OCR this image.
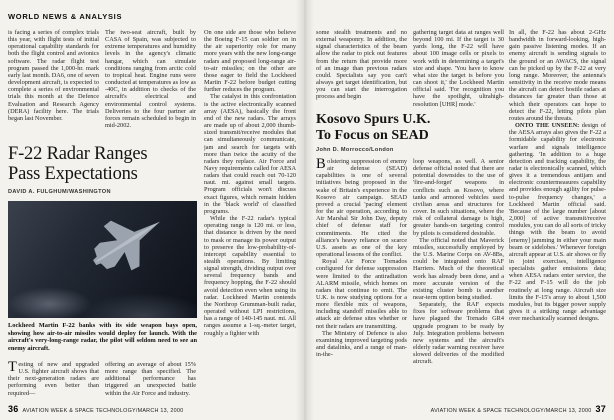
WORLD NEWS & ANALYSIS

is facing a series of complex trials this year, with flight tests of initial operational capability standards for both the flight control and avionics software. The radar flight test program passed the 1,000-hr. mark early last month. DA6, one of seven development aircraft, is expected to complete a series of environmental trials this month at the Defence Evaluation and Research Agency (DERA) facility here. The trials began last November.

The two-seat aircraft, built by CASA of Spain, was subjected to extreme temperatures and humidity levels in the agency's climatic hangar, which can simulate conditions ranging from arctic cold to tropical heat. Engine runs were conducted at temperatures as low as -40C, in addition to checks of the aircraft's electrical and environmental control systems. Deliveries to the four partner air forces remain scheduled to begin in mid-2002.

F-22 Radar Ranges
Pass Expectations
DAVID A. FULGHUM/WASHINGTON
Lockheed Martin F-22 banks with its side weapon bays open, showing how air-to-air missiles would deploy for launch. With the aircraft's very-long-range radar, the pilot will seldom need to see an enemy aircraft.

Testing of new and upgraded U.S. fighter aircraft shows that their next-generation radars are performing even better than required—

offering an average of about 15% more range than specified. The additional performance has triggered an unexpected battle within the Air Force and industry.

On one side are those who believe the Boeing F-15 can soldier on in the air superiority role for many more years with the new long-range radars and proposed long-range air-to-air missiles; on the other are those eager to field the Lockheed Martin F-22 before budget cutting further reduces the program.

The catalyst in this confrontation is the active electronically scanned array (AESA), basically the front end of the new radars. The arrays are made up of about 2,000 thumb-sized transmit/receive modules that can simultaneously communicate, jam and search for targets with more than twice the acuity of the radars they replace. Air Force and Navy requirements called for AESA radars that could reach out 70-120 naut. mi. against small targets. Program officials won't discuss exact figures, which remain hidden in the 'black world' of classified programs.

While the F-22 radar's typical operating range is 120 mi. or less, that distance is driven by the need to mask or manage its power output to preserve the low-probability-of-intercept capability essential to stealth operations. By limiting signal strength, dividing output over several frequency bands and frequency hopping, the F-22 should avoid detection even when using its radar. Lockheed Martin contends the Northrop Grumman-built radar, operated without LPI restrictions, has a range of 140-145 naut. mi. All ranges assume a 1-sq.-meter target, roughly a fighter with

some stealth treatments and no external weaponry. In addition, the signal characteristics of the beam allow the radar to pick out features from the return that provide more of an image than previous radars could. Specialists say you can't always get target identification, but you can start the interrogation process and begin

gathering target data at ranges well beyond 100 mi. If the target is 30 yards long, the F-22 will have about 100 image cells or pixels to work with in determining a target's size and shape. 'You have to know what size the target is before you can shoot it,' the Lockheed Martin official said. 'For recognition you have the spotlight, ultrahigh-resolution [UHR] mode.'

Kosovo Spurs U.K.
To Focus on SEAD
John D. Morrocco/London

Bolstering suppression of enemy air defense (SEAD) capabilities is one of several initiatives being proposed in the wake of Britain's experience in the Kosovo air campaign. SEAD proved a crucial 'pacing' element for the air operation, according to Air Marshal Sir John Day, deputy chief of defense staff for commitments. He cited the alliance's heavy reliance on scarce U.S. assets as one of the key operational lessons of the conflict.

Royal Air Force Tornados configured for defense suppression were limited to the antiradiation ALARM missile, which homes on radars that continue to emit. The U.K. is now studying options for a more flexible mix of weapons, including standoff missiles able to attack air defense sites whether or not their radars are transmitting.

The Ministry of Defence is also examining improved targeting pods and datalinks, and a range of man-in-the-

loop weapons, as well. A senior defense official noted that there are potential downsides to the use of 'fire-and-forget' weapons in conflicts such as Kosovo, where tanks and armored vehicles used civilian areas and structures for cover. In such situations, where the risk of collateral damage is high, greater hands-on targeting control by pilots is considered desirable.

The official noted that Maverick missiles, successfully employed by the U.S. Marine Corps on AV-8Bs, could be integrated onto RAF Harriers. Much of the theoretical work has already been done, and a more accurate version of the existing cluster bomb is another near-term option being studied.

Separately, the RAF expects fixes for software problems that have plagued the Tornado GR4 upgrade program to be ready by July. Integration problems between new systems and the aircraft's elderly radar warning receiver have slowed deliveries of the modified aircraft.

In all, the F-22 has about 2-GHz bandwidth in forward-looking, high-gain passive listening modes. If an enemy aircraft is sending signals to the ground or an AWACS, the signal can be picked up by the F-22 at very long range. Moreover, the antenna's sensitivity in the receive mode means the aircraft can detect hostile radars at distances far greater than those at which their operators can hope to detect the F-22, letting pilots plan routes around the threats.

ONTO THE UNSEEN: design of the AESA arrays also gives the F-22 a formidable capability for electronic warfare and signals intelligence gathering. 'In addition to a huge detection and tracking capability, the radar is electronically scanned, which gives it a tremendous antijam and electronic countermeasures capability and provides enough agility for pulse-to-pulse frequency changes,' a Lockheed Martin official said. 'Because of the large number [about 2,000] of active transmit/receive modules, you can do all sorts of tricky things with the beam to avoid [enemy] jamming in either your main beam or sidelobes.' Whenever foreign aircraft appear at U.S. air shows or fly in joint exercises, intelligence specialists gather emissions data; when AESA radars enter service, the F-22 and F-15 will do the job routinely at long range. Aircraft size limits the F-15's array to about 1,500 modules, but its bigger power supply gives it a striking range advantage over mechanically scanned designs.

36 AVIATION WEEK & SPACE TECHNOLOGY/MARCH 13, 2000	AVIATION WEEK & SPACE TECHNOLOGY/MARCH 13, 2000 37
